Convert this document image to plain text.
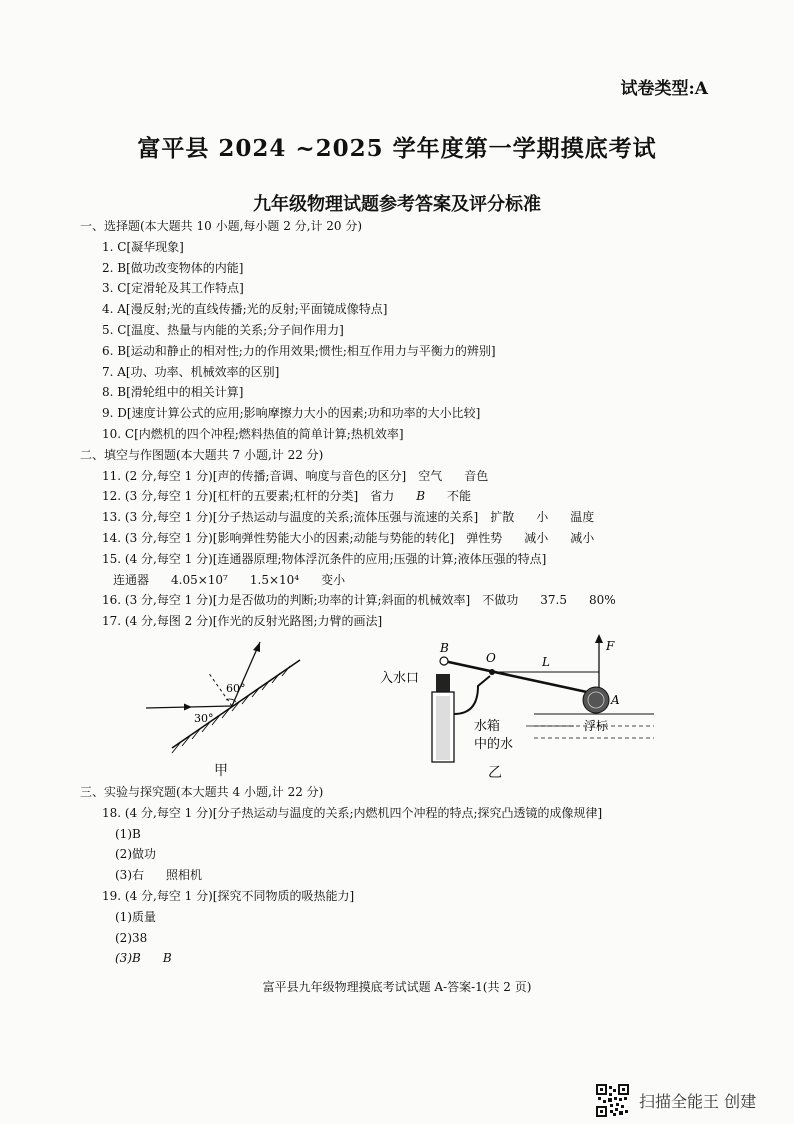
试卷类型:A
富平县 2024 ~2025 学年度第一学期摸底考试
九年级物理试题参考答案及评分标准
一、选择题(本大题共 10 小题,每小题 2 分,计 20 分)
1. C[凝华现象]
2. B[做功改变物体的内能]
3. C[定滑轮及其工作特点]
4. A[漫反射;光的直线传播;光的反射;平面镜成像特点]
5. C[温度、热量与内能的关系;分子间作用力]
6. B[运动和静止的相对性;力的作用效果;惯性;相互作用力与平衡力的辨别]
7. A[功、功率、机械效率的区别]
8. B[滑轮组中的相关计算]
9. D[速度计算公式的应用;影响摩擦力大小的因素;功和功率的大小比较]
10. C[内燃机的四个冲程;燃料热值的简单计算;热机效率]
二、填空与作图题(本大题共 7 小题,计 22 分)
11. (2 分,每空 1 分)[声的传播;音调、响度与音色的区分] 空气 音色
12. (3 分,每空 1 分)[杠杆的五要素;杠杆的分类] 省力 B 不能
13. (3 分,每空 1 分)[分子热运动与温度的关系;流体压强与流速的关系] 扩散 小 温度
14. (3 分,每空 1 分)[影响弹性势能大小的因素;动能与势能的转化] 弹性势 减小 减小
15. (4 分,每空 1 分)[连通器原理;物体浮沉条件的应用;压强的计算;液体压强的特点]
连通器 4.05×10⁷ 1.5×10⁴ 变小
16. (3 分,每空 1 分)[力是否做功的判断;功率的计算;斜面的机械效率] 不做功 37.5 80%
17. (4 分,每图 2 分)[作光的反射光路图;力臂的画法]
60°
30°
甲
F
B
O	L
A
入水口
水箱
中的水
浮标
乙
三、实验与探究题(本大题共 4 小题,计 22 分)
18. (4 分,每空 1 分)[分子热运动与温度的关系;内燃机四个冲程的特点;探究凸透镜的成像规律]
(1)B
(2)做功
(3)右 照相机
19. (4 分,每空 1 分)[探究不同物质的吸热能力]
(1)质量
(2)38
(3)B B
富平县九年级物理摸底考试试题 A-答案-1(共 2 页)
扫描全能王 创建
